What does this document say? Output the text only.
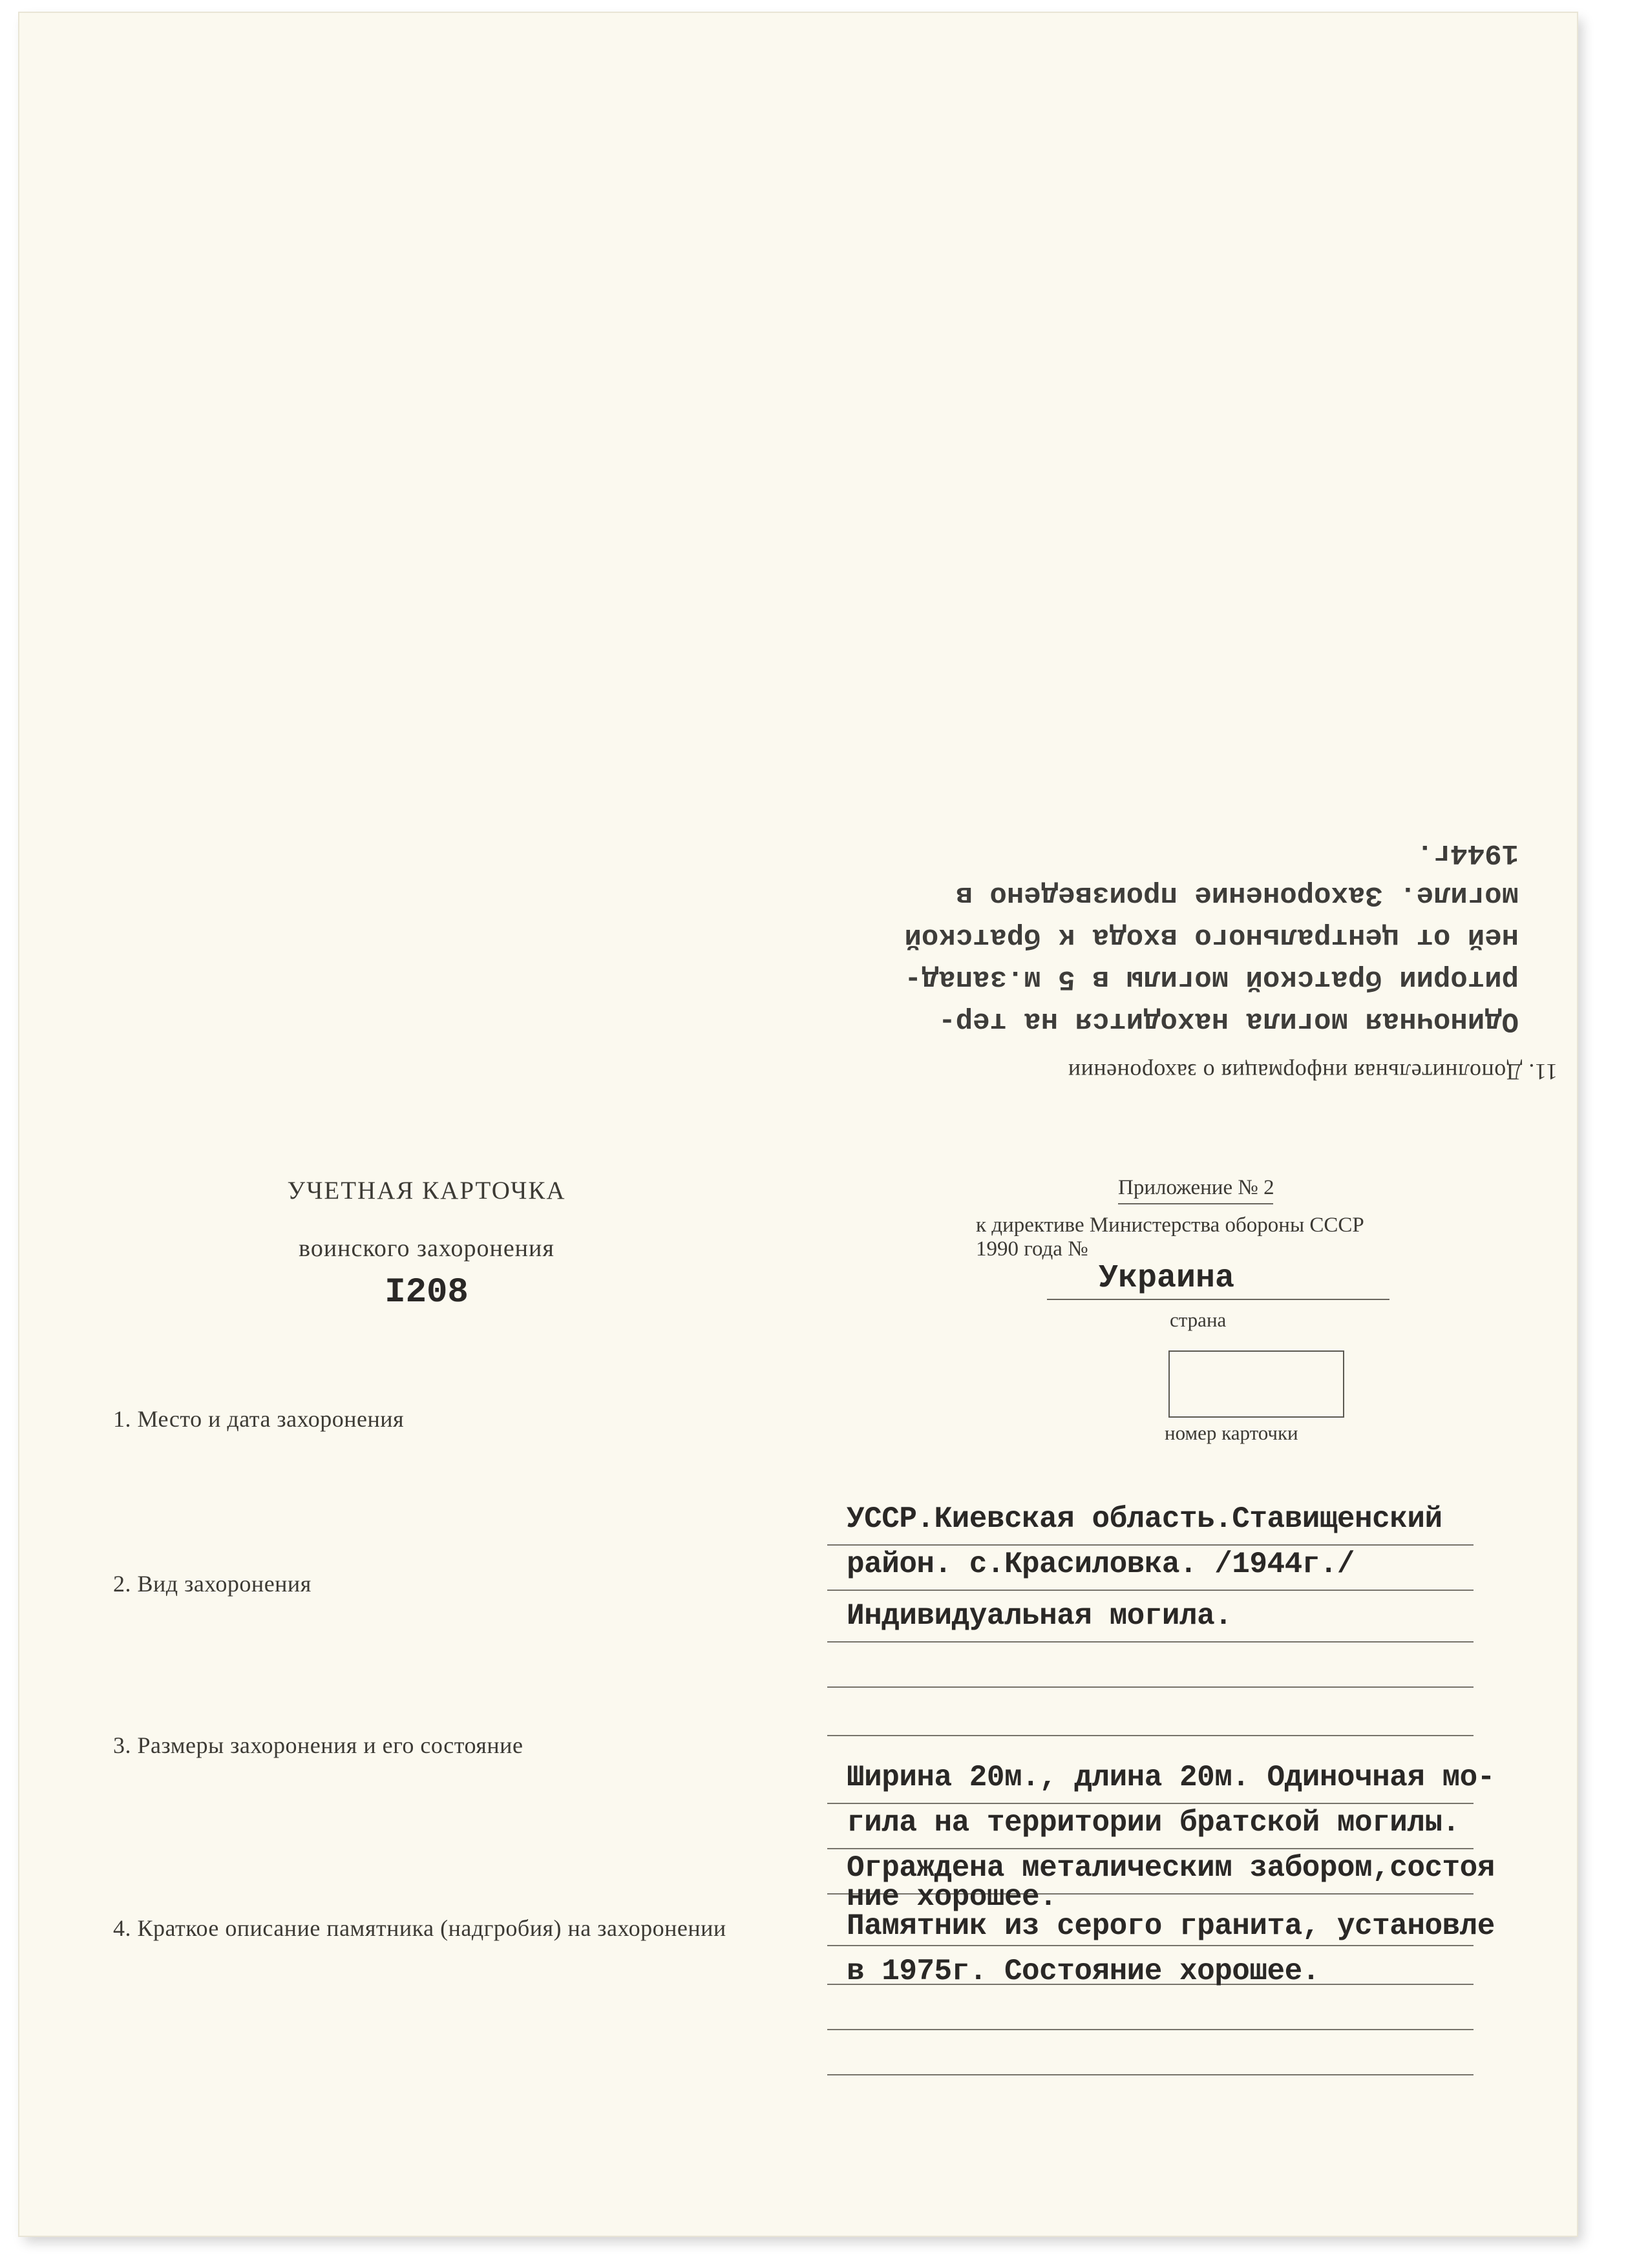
11. Дополнительная информация о захоронении
Одиночная могила находится на тер-
ритории братской могилы в 5 м.запад-
ней от центрального входа к братской
могиле. Захоронение произведено в
1944г.
УЧЕТНАЯ КАРТОЧКА
воинского захоронения
I208
Приложение № 2
к директиве Министерства обороны СССР
1990 года №
Украина
страна
номер карточки
1. Место и дата захоронения
2. Вид захоронения
3. Размеры захоронения и его состояние
4. Краткое описание памятника (надгробия) на захоронении
УССР.Киевская область.Ставищенский
район. с.Красиловка. /1944г./
Индивидуальная могила.
Ширина 20м., длина 20м. Одиночная мо-
гила на территории братской могилы.
Ограждена металическим забором,состоя
ние хорошее.
Памятник из серого гранита, установле
в 1975г. Состояние хорошее.
